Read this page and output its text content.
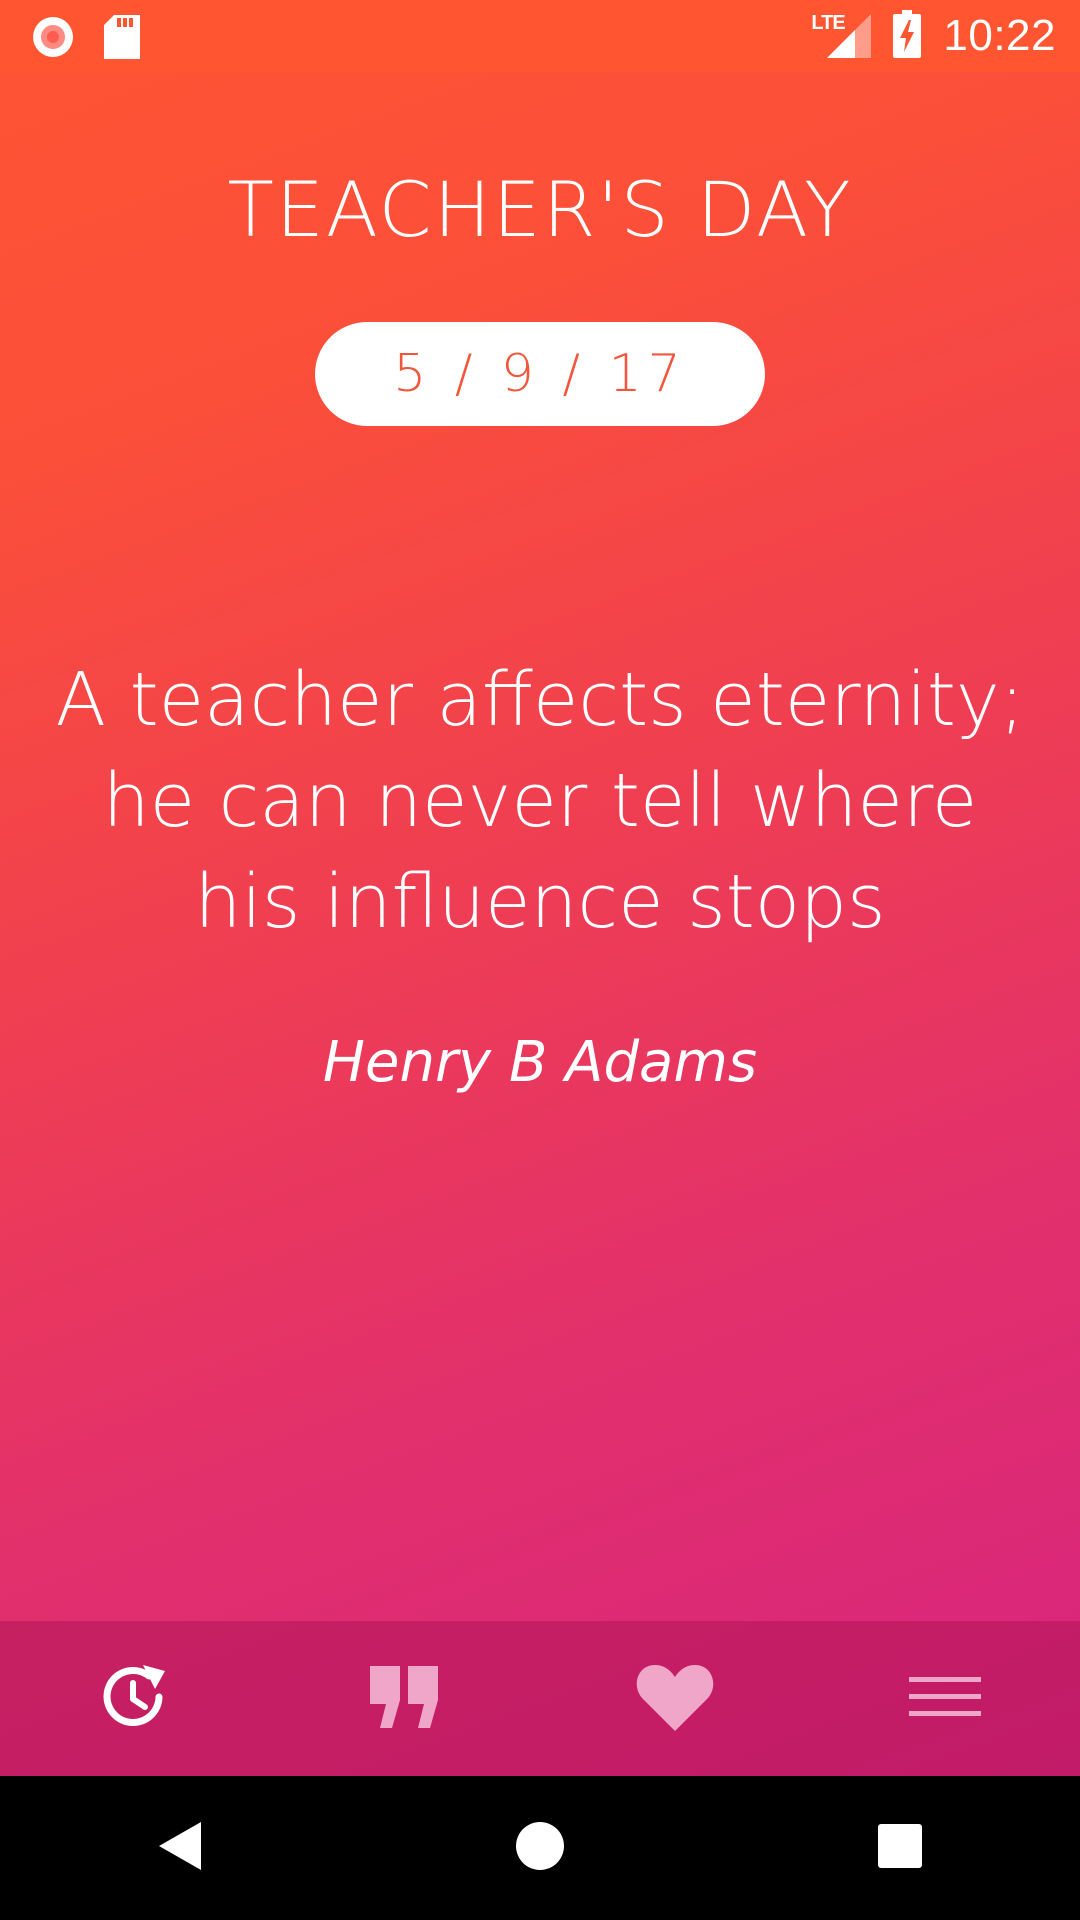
LTE 10:22
TEACHER'S DAY
5 / 9 / 17
A teacher affects eternity; he can never tell where his influence stops
Henry B Adams
